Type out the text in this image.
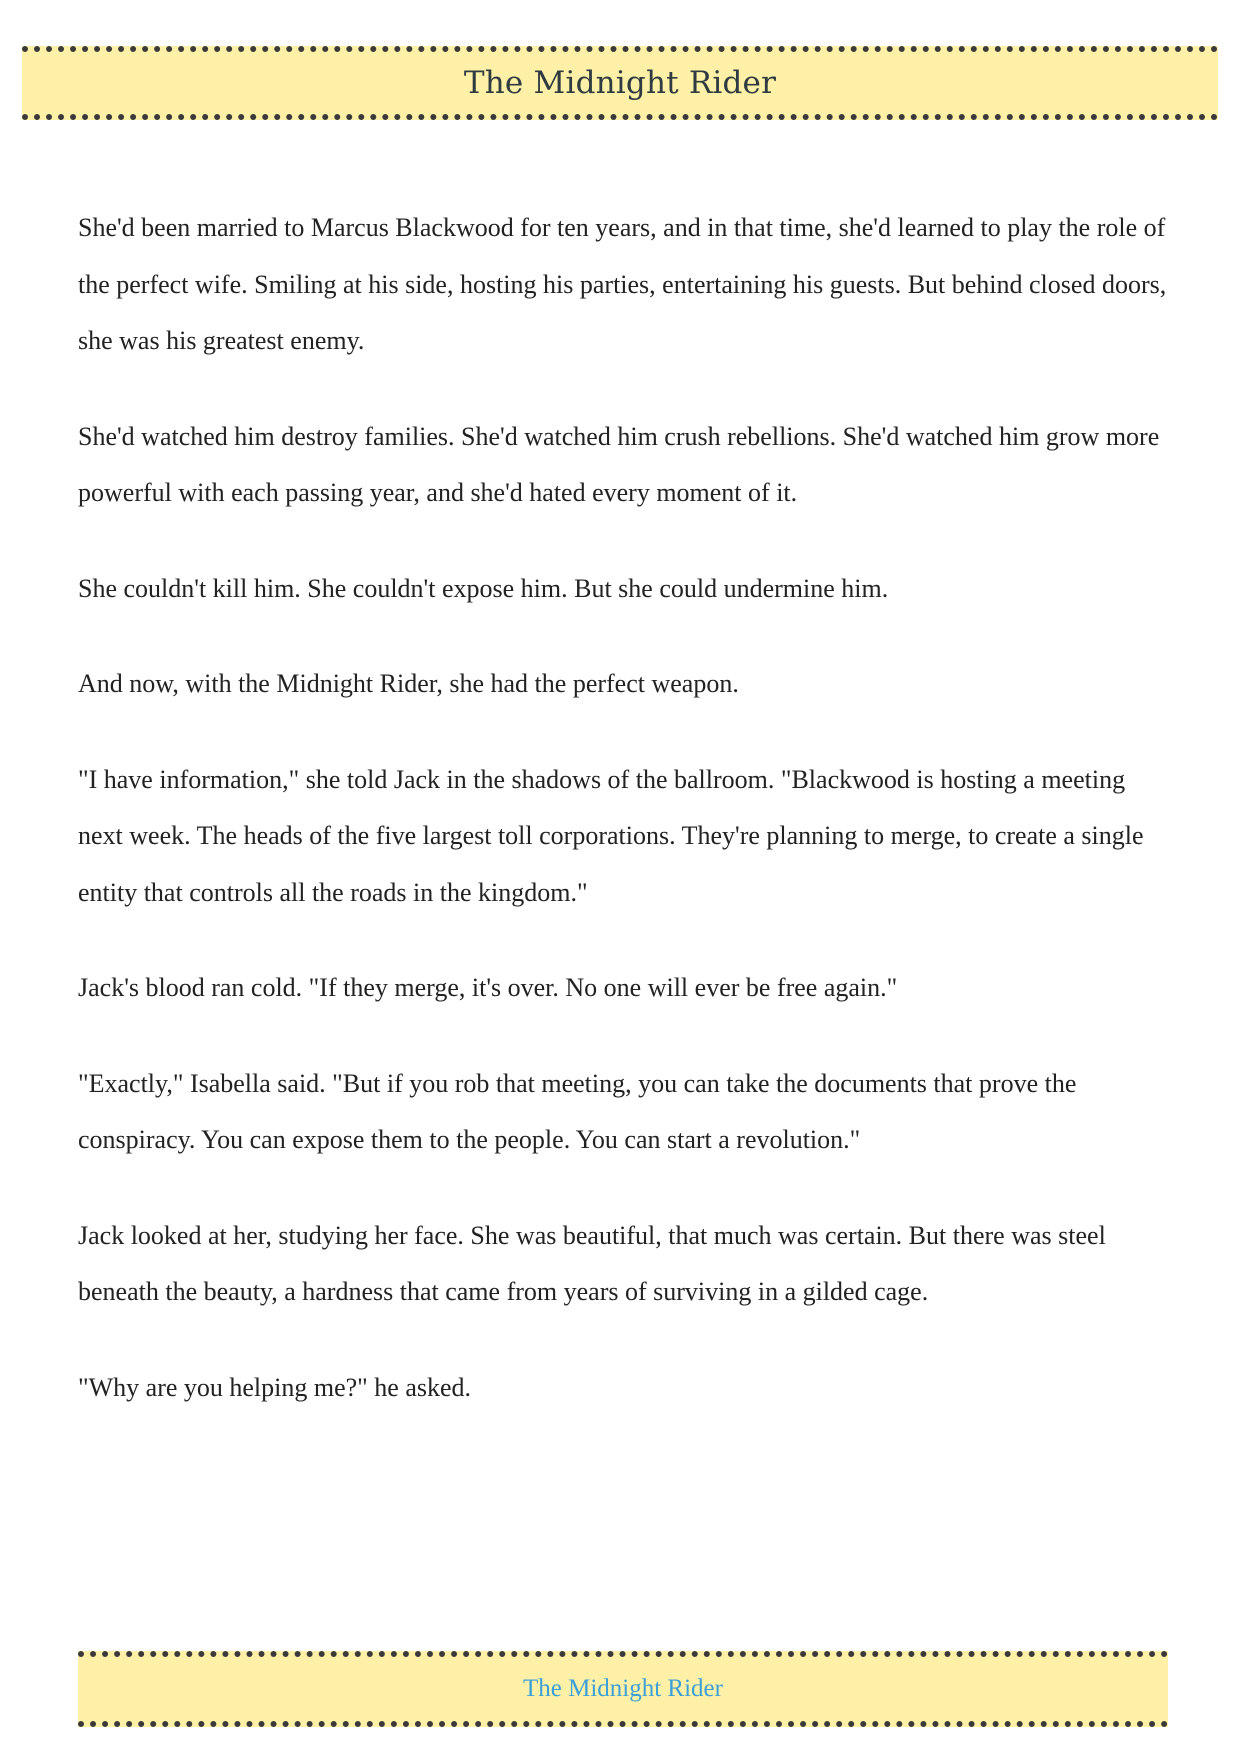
The Midnight Rider

She'd been married to Marcus Blackwood for ten years, and in that time, she'd learned to play the role of the perfect wife. Smiling at his side, hosting his parties, entertaining his guests. But behind closed doors, she was his greatest enemy.

She'd watched him destroy families. She'd watched him crush rebellions. She'd watched him grow more powerful with each passing year, and she'd hated every moment of it.

She couldn't kill him. She couldn't expose him. But she could undermine him.

And now, with the Midnight Rider, she had the perfect weapon.

"I have information," she told Jack in the shadows of the ballroom. "Blackwood is hosting a meeting next week. The heads of the five largest toll corporations. They're planning to merge, to create a single entity that controls all the roads in the kingdom."

Jack's blood ran cold. "If they merge, it's over. No one will ever be free again."

"Exactly," Isabella said. "But if you rob that meeting, you can take the documents that prove the conspiracy. You can expose them to the people. You can start a revolution."

Jack looked at her, studying her face. She was beautiful, that much was certain. But there was steel beneath the beauty, a hardness that came from years of surviving in a gilded cage.

"Why are you helping me?" he asked.

The Midnight Rider
